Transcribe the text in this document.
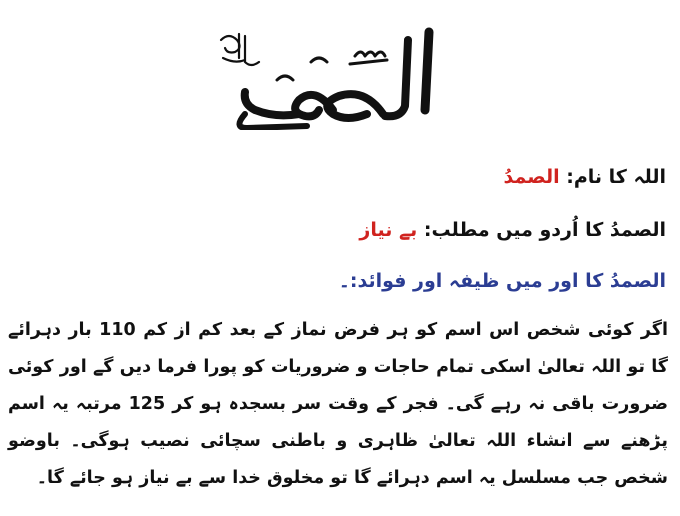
اللہ کا نام: الصمدُ
الصمدُ کا اُردو میں مطلب: بے نیاز
الصمدُ کا اور میں ظیفہ اور فوائد:۔
اگر کوئی شخص اس اسم کو ہر فرض نماز کے بعد کم از کم 110 بار دہرائے گا تو اللہ تعالیٰ اسکی تمام حاجات و ضروریات کو پورا فرما دیں گے اور کوئی ضرورت باقی نہ رہے گی۔ فجر کے وقت سر بسجدہ ہو کر 125 مرتبہ یہ اسم پڑھنے سے انشاء اللہ تعالیٰ ظاہری و باطنی سچائی نصیب ہوگی۔ باوضو شخص جب مسلسل یہ اسم دہرائے گا تو مخلوق خدا سے بے نیاز ہو جائے گا۔
